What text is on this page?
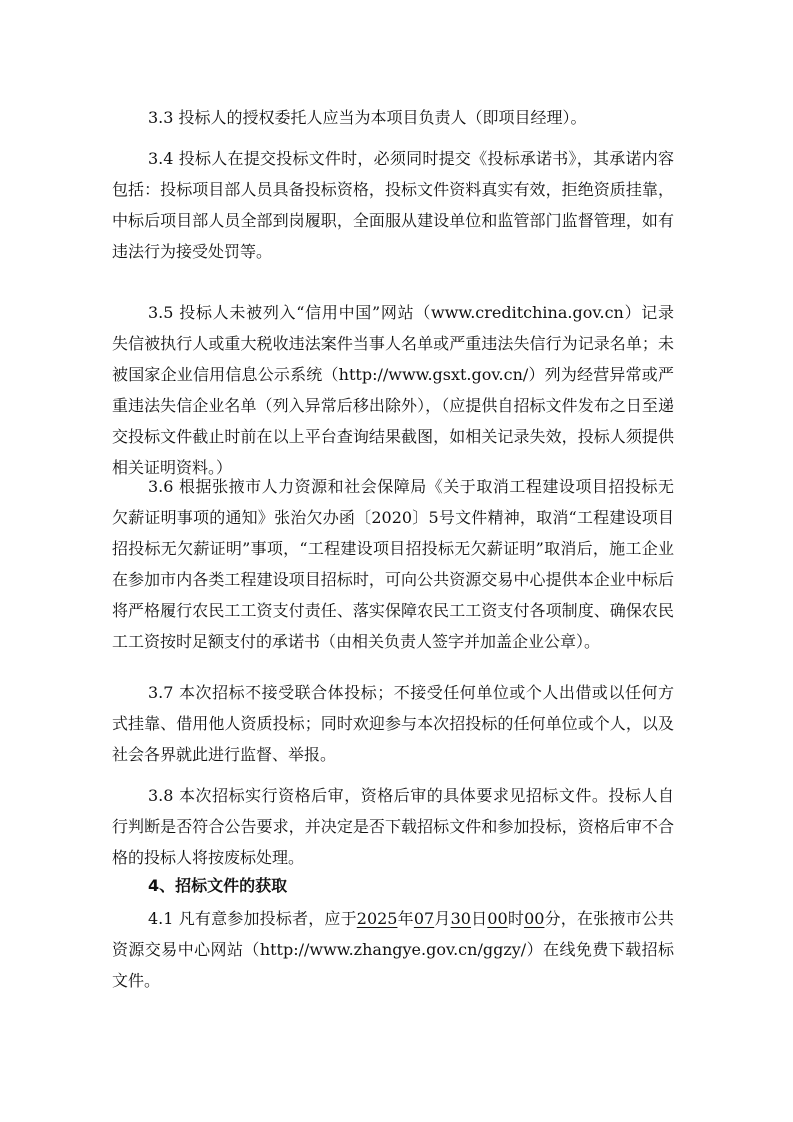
3.3 投标人的授权委托人应当为本项目负责人（即项目经理）。

3.4 投标人在提交投标文件时，必须同时提交《投标承诺书》，其承诺内容包括：投标项目部人员具备投标资格，投标文件资料真实有效，拒绝资质挂靠，中标后项目部人员全部到岗履职，全面服从建设单位和监管部门监督管理，如有违法行为接受处罚等。

3.5 投标人未被列入“信用中国”网站（www.creditchina.gov.cn）记录失信被执行人或重大税收违法案件当事人名单或严重违法失信行为记录名单；未被国家企业信用信息公示系统（http://www.gsxt.gov.cn/）列为经营异常或严重违法失信企业名单（列入异常后移出除外），（应提供自招标文件发布之日至递交投标文件截止时前在以上平台查询结果截图，如相关记录失效，投标人须提供相关证明资料。）

3.6 根据张掖市人力资源和社会保障局《关于取消工程建设项目招投标无欠薪证明事项的通知》张治欠办函〔2020〕5号文件精神，取消“工程建设项目招投标无欠薪证明”事项，“工程建设项目招投标无欠薪证明”取消后，施工企业在参加市内各类工程建设项目招标时，可向公共资源交易中心提供本企业中标后将严格履行农民工工资支付责任、落实保障农民工工资支付各项制度、确保农民工工资按时足额支付的承诺书（由相关负责人签字并加盖企业公章）。

3.7 本次招标不接受联合体投标；不接受任何单位或个人出借或以任何方式挂靠、借用他人资质投标；同时欢迎参与本次招投标的任何单位或个人，以及社会各界就此进行监督、举报。

3.8 本次招标实行资格后审，资格后审的具体要求见招标文件。投标人自行判断是否符合公告要求，并决定是否下载招标文件和参加投标，资格后审不合格的投标人将按废标处理。

4、招标文件的获取

4.1 凡有意参加投标者，应于2025年07月30日00时00分，在张掖市公共资源交易中心网站（http://www.zhangye.gov.cn/ggzy/）在线免费下载招标文件。
